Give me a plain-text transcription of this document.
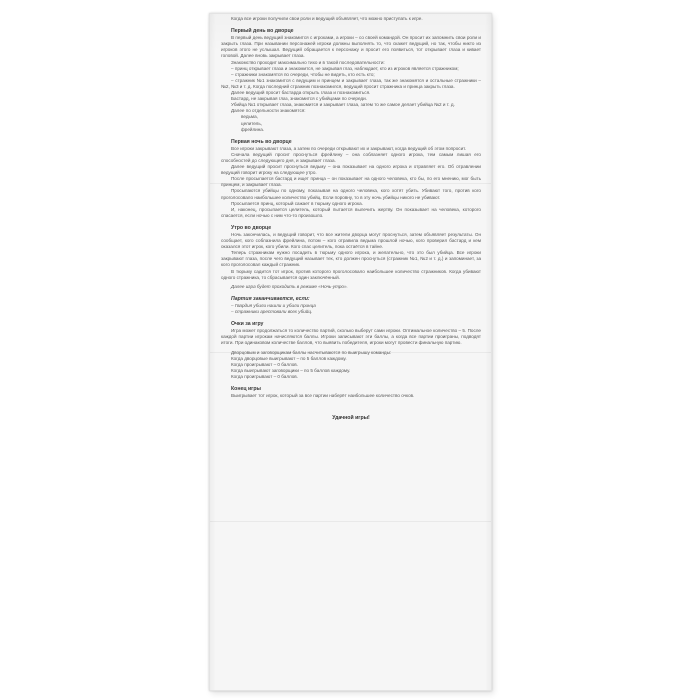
Когда все игроки получили свои роли и ведущий объявляет, что можно приступать к игре.

Первый день во дворце

В первый день ведущий знакомится с игроками, а игроки – со своей командой. Он просит их запомнить свои роли и закрыть глаза. При назывании персонажей игроки должны выполнять то, что скажет ведущий, но так, чтобы никто из игроков этого не услышал. Ведущий обращается к персонажу и просит его появиться, тот открывает глаза и кивает головой. Далее вновь закрывает глаза.

Знакомство проходит максимально тихо и в такой последовательности:

– принц открывает глаза и знакомится, не закрывая глаз, наблюдает, кто из игроков является стражником;

– стражники знакомятся по очереди, чтобы не видеть, кто есть кто;

– стражник №1 знакомится с ведущим и принцем и закрывает глаза, так же знакомятся и остальные стражники – №2, №3 и т. д. Когда последний стражник познакомился, ведущий просит стражника и принца закрыть глаза.

Далее ведущий просит бастарда открыть глаза и познакомиться.

Бастард, не закрывая глаз, знакомится с убийцами по очереди.

Убийца №1 открывает глаза, знакомится и закрывает глаза, затем то же самое делает убийца №2 и т. д.

Далее по отдельности знакомятся:

ведьма,

целитель,

фрейлина.

Первая ночь во дворце

Все игроки закрывают глаза, а затем по очереди открывают их и закрывают, когда ведущий об этом попросит.

Сначала ведущий просит проснуться фрейлину – она соблазняет одного игрока, тем самым лишая его способностей до следующего дня, и закрывает глаза.

Далее ведущий просит проснуться ведьму – она показывает на одного игрока и отравляет его. Об отравлении ведущий говорит игроку на следующее утро.

После просыпается бастард и ищет принца – он показывает на одного человека, кто бы, по его мнению, мог быть принцем, и закрывает глаза.

Просыпаются убийцы по одному, показывая на одного человека, кого хотят убить. Убивают того, против кого проголосовало наибольшее количество убийц. Если поровну, то в эту ночь убийцы никого не убивают.

Просыпается принц, который сажает в тюрьму одного игрока.

И, наконец, просыпается целитель, который пытается вылечить жертву. Он показывает на человека, которого спасается, если ночью с ним что-то произошло.

Утро во дворце

Ночь закончилась, и ведущий говорит, что все жители дворца могут проснуться, затем объявляет результаты. Он сообщает, кого соблазнила фрейлина, потом – кого отравила ведьма прошлой ночью, кого проверил бастард и кем оказался этот игрок, кого убили. Кого спас целитель, пока остаётся в тайне.

Теперь стражникам нужно посадить в тюрьму одного игрока, и желательно, что это был убийца. Все игроки закрывают глаза, после чего ведущий называет тех, кто должен проснуться (стражник №1, №2 и т. д.) и запоминает, за кого проголосовал каждый стражник.

В тюрьму садится тот игрок, против которого проголосовало наибольшее количество стражников. Когда убивают одного стражника, то сбрасывается один заключённый.

Далее игра будет проходить в режиме «Ночь-утро».

Партия заканчивается, если:

– Гвардия убили нашли и убили принца

– стражники арестовали всех убийц.

Очки за игру

Игра может продолжаться то количество партий, сколько выберут сами игроки. Оптимальное количество – 5. После каждой партии игрокам начисляются баллы. Игроки записывают эти баллы, а когда все партии проиграны, подводят итоги. При одинаковом количестве баллов, что выявить победителя, игроки могут провести финальную партию.

Дворцовым и заговорщикам баллы насчитываются по выигрышу команды:

Когда дворцовые выигрывают – по 5 баллов каждому.

Когда проигрывают – 0 баллов.

Когда выигрывают заговорщики – по 5 баллов каждому.

Когда проигрывают – 0 баллов.

Конец игры

Выигрывает тот игрок, который за все партии наберёт наибольшее количество очков.

Удачной игры!
